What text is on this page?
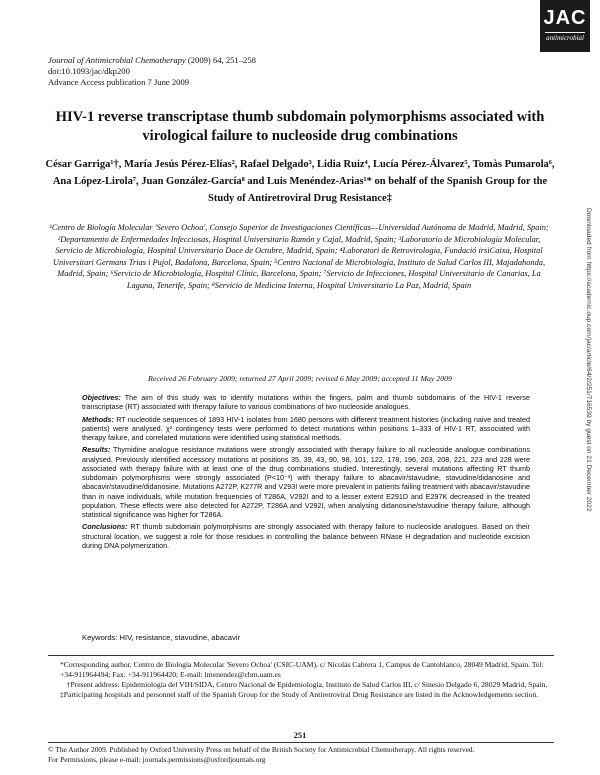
JAC
antimicrobial
Journal of Antimicrobial Chemotherapy (2009) 64, 251–258
doi:10.1093/jac/dkp200
Advance Access publication 7 June 2009
HIV-1 reverse transcriptase thumb subdomain polymorphisms associated with virological failure to nucleoside drug combinations
César Garriga¹†, María Jesús Pérez-Elías², Rafael Delgado³, Lidia Ruiz⁴, Lucía Pérez-Álvarez⁵, Tomàs Pumarola⁶, Ana López-Lirola⁷, Juan González-García⁸ and Luis Menéndez-Arias¹* on behalf of the Spanish Group for the Study of Antiretroviral Drug Resistance‡
¹Centro de Biología Molecular 'Severo Ochoa', Consejo Superior de Investigaciones Científicas—Universidad Autónoma de Madrid, Madrid, Spain; ²Departamento de Enfermedades Infecciosas, Hospital Universitario Ramón y Cajal, Madrid, Spain; ³Laboratorio de Microbiología Molecular, Servicio de Microbiología, Hospital Universitario Doce de Octubre, Madrid, Spain; ⁴Laboratori de Retrovirologia, Fundació irsiCaixa, Hospital Universitari Germans Trias i Pujol, Badalona, Barcelona, Spain; ⁵Centro Nacional de Microbiología, Instituto de Salud Carlos III, Majadahonda, Madrid, Spain; ⁶Servicio de Microbiología, Hospital Clínic, Barcelona, Spain; ⁷Servicio de Infecciones, Hospital Universitario de Canarias, La Laguna, Tenerife, Spain; ⁸Servicio de Medicina Interna, Hospital Universitario La Paz, Madrid, Spain
Received 26 February 2009; returned 27 April 2009; revised 6 May 2009; accepted 11 May 2009

Objectives: The aim of this study was to identify mutations within the fingers, palm and thumb subdomains of the HIV-1 reverse transcriptase (RT) associated with therapy failure to various combinations of two nucleoside analogues.

Methods: RT nucleotide sequences of 1893 HIV-1 isolates from 1680 persons with different treatment histories (including naive and treated patients) were analysed. χ² contingency tests were performed to detect mutations within positions 1–333 of HIV-1 RT, associated with therapy failure, and correlated mutations were identified using statistical methods.

Results: Thymidine analogue resistance mutations were strongly associated with therapy failure to all nucleoside analogue combinations analysed. Previously identified accessory mutations at positions 35, 39, 43, 90, 98, 101, 122, 178, 196, 203, 208, 221, 223 and 228 were associated with therapy failure with at least one of the drug combinations studied. Interestingly, several mutations affecting RT thumb subdomain polymorphisms were strongly associated (P<10⁻³) with therapy failure to abacavir/stavudine, stavudine/didanosine and abacavir/stavudine/didanosine. Mutations A272P, K277R and V293I were more prevalent in patients failing treatment with abacavir/stavudine than in naive individuals, while mutation frequencies of T286A, V292I and to a lesser extent E291D and E297K decreased in the treated population. These effects were also detected for A272P, T286A and V292I, when analysing didanosine/stavudine therapy failure, although statistical significance was higher for T286A.

Conclusions: RT thumb subdomain polymorphisms are strongly associated with therapy failure to nucleoside analogues. Based on their structural location, we suggest a role for those residues in controlling the balance between RNase H degradation and nucleotide excision during DNA polymerization.

Keywords: HIV, resistance, stavudine, abacavir

*Corresponding author. Centro de Biología Molecular 'Severo Ochoa' (CSIC-UAM), c/ Nicolás Cabrera 1, Campus de Cantoblanco, 28049 Madrid, Spain. Tel: +34-911964494; Fax: +34-911964420; E-mail: lmenendez@cbm.uam.es

†Present address: Epidemiología del VIH/SIDA, Centro Nacional de Epidemiología, Instituto de Salud Carlos III, c/ Sinesio Delgado 6, 28029 Madrid, Spain.

‡Participating hospitals and personnel staff of the Spanish Group for the Study of Antiretroviral Drug Resistance are listed in the Acknowledgements section.

251

© The Author 2009. Published by Oxford University Press on behalf of the British Society for Antimicrobial Chemotherapy. All rights reserved.

For Permissions, please e-mail: journals.permissions@oxfordjournals.org

Downloaded from https://academic.oup.com/jac/article/64/2/251/716539 by guest on 21 December 2022
